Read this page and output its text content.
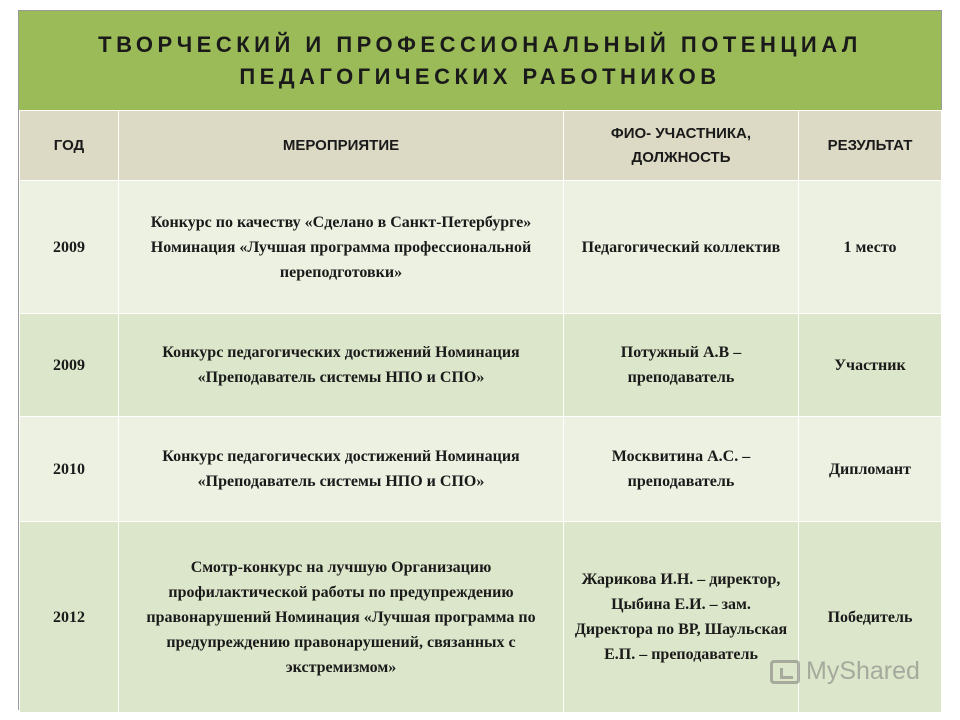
ТВОРЧЕСКИЙ И ПРОФЕССИОНАЛЬНЫЙ ПОТЕНЦИАЛ
ПЕДАГОГИЧЕСКИХ РАБОТНИКОВ
ГОД	МЕРОПРИЯТИЕ	ФИО- УЧАСТНИКА, ДОЛЖНОСТЬ	РЕЗУЛЬТАТ
2009	Конкурс по качеству «Сделано в Санкт-Петербурге» Номинация «Лучшая программа профессиональной переподготовки»	Педагогический коллектив	1 место
2009	Конкурс педагогических достижений Номинация «Преподаватель системы НПО и СПО»	Потужный А.В – преподаватель	Участник
2010	Конкурс педагогических достижений Номинация «Преподаватель системы НПО и СПО»	Москвитина А.С. – преподаватель	Дипломант
2012	Смотр-конкурс на лучшую Организацию профилактической работы по предупреждению правонарушений Номинация «Лучшая программа по предупреждению правонарушений, связанных с экстремизмом»	Жарикова И.Н. – директор, Цыбина Е.И. – зам. Директора по ВР, Шаульская Е.П. – преподаватель	Победитель
MyShared
